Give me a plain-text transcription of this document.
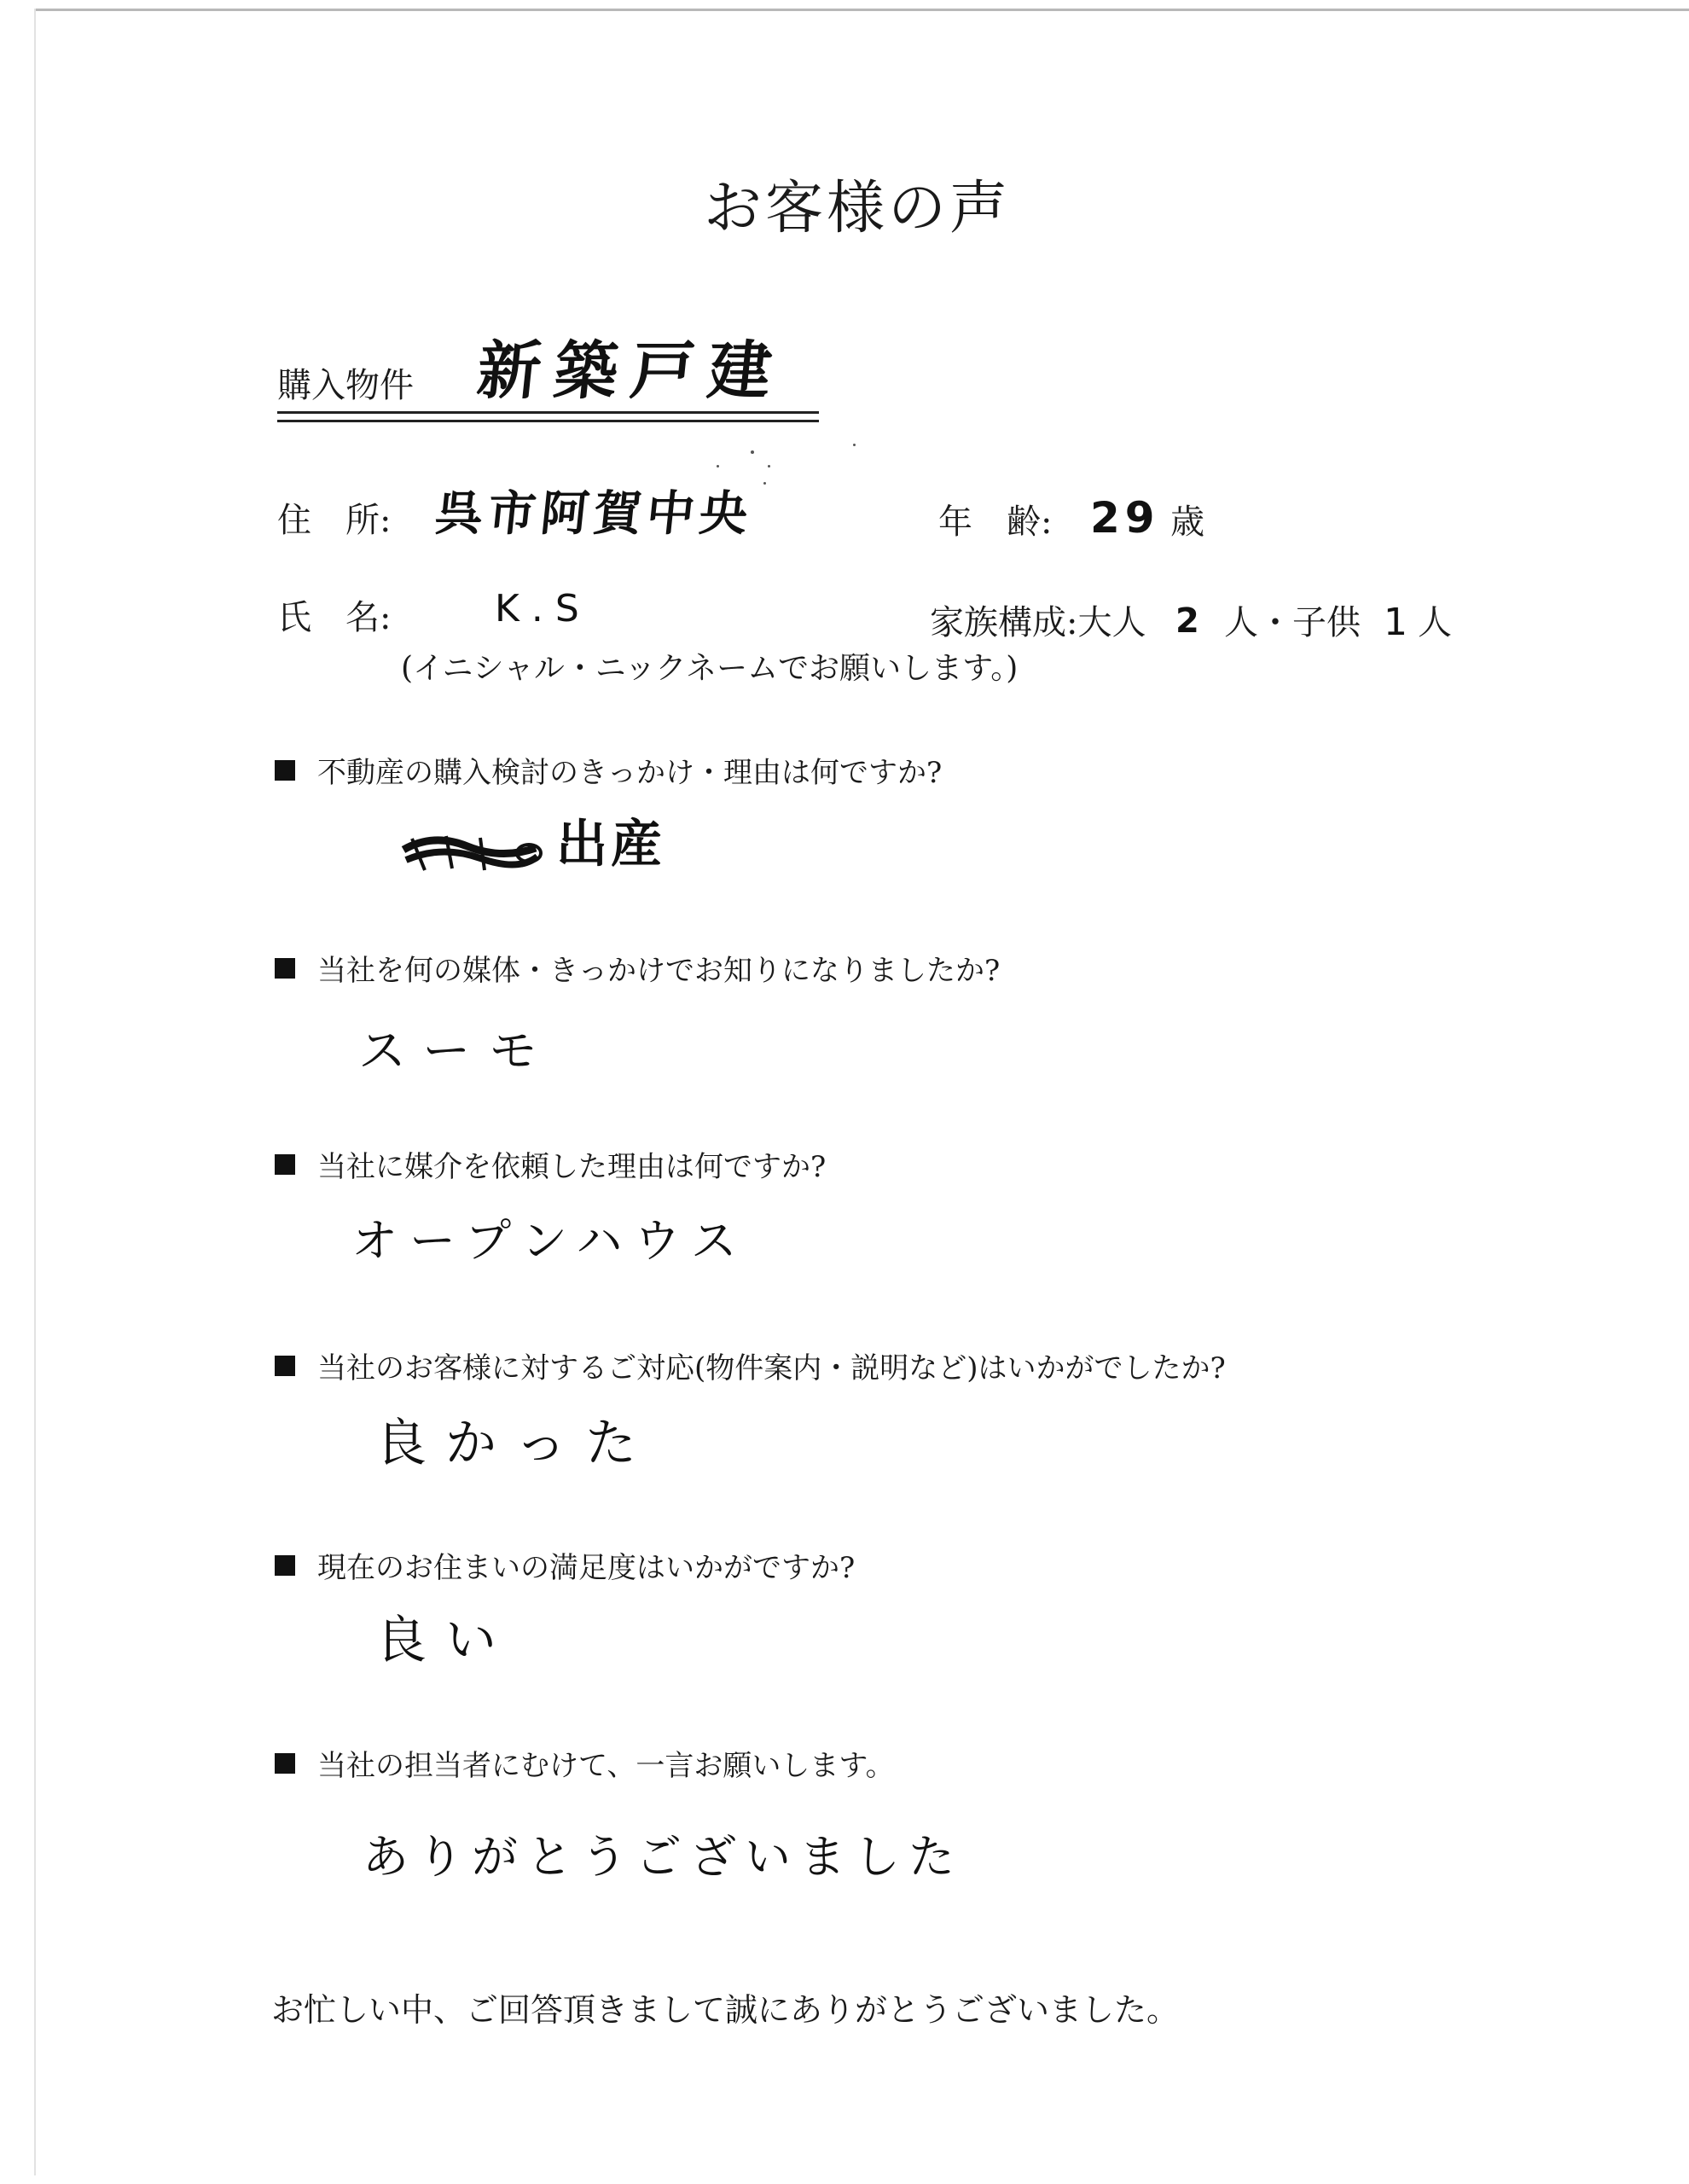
お客様の声
購入物件 新築戸建
住　所: 呉市阿賀中央	年　齢: 29 歳
氏　名:	K.S	家族構成:大人 2 人・子供 1 人
(イニシャル・ニックネームでお願いします。)
不動産の購入検討のきっかけ・理由は何ですか?
出産
当社を何の媒体・きっかけでお知りになりましたか?
スーモ
当社に媒介を依頼した理由は何ですか?
オープンハウス
当社のお客様に対するご対応(物件案内・説明など)はいかがでしたか?
良かった
現在のお住まいの満足度はいかがですか?
良い
当社の担当者にむけて、一言お願いします。
ありがとうございました
お忙しい中、ご回答頂きまして誠にありがとうございました。
